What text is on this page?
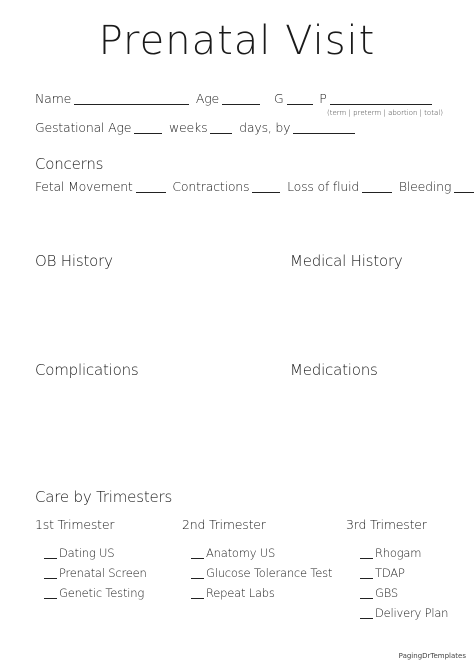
Prenatal Visit
Name	Age	G	P
(term | preterm | abortion | total)
Gestational Age	weeks	days, by
Concerns
Fetal Movement	Contractions	Loss of fluid	Bleeding
OB History	Medical History
Complications	Medications
Care by Trimesters
1st Trimester	2nd Trimester	3rd Trimester
Dating US
Prenatal Screen
Genetic Testing
Anatomy US
Glucose Tolerance Test
Repeat Labs
Rhogam
TDAP
GBS
Delivery Plan
PagingDrTemplates
